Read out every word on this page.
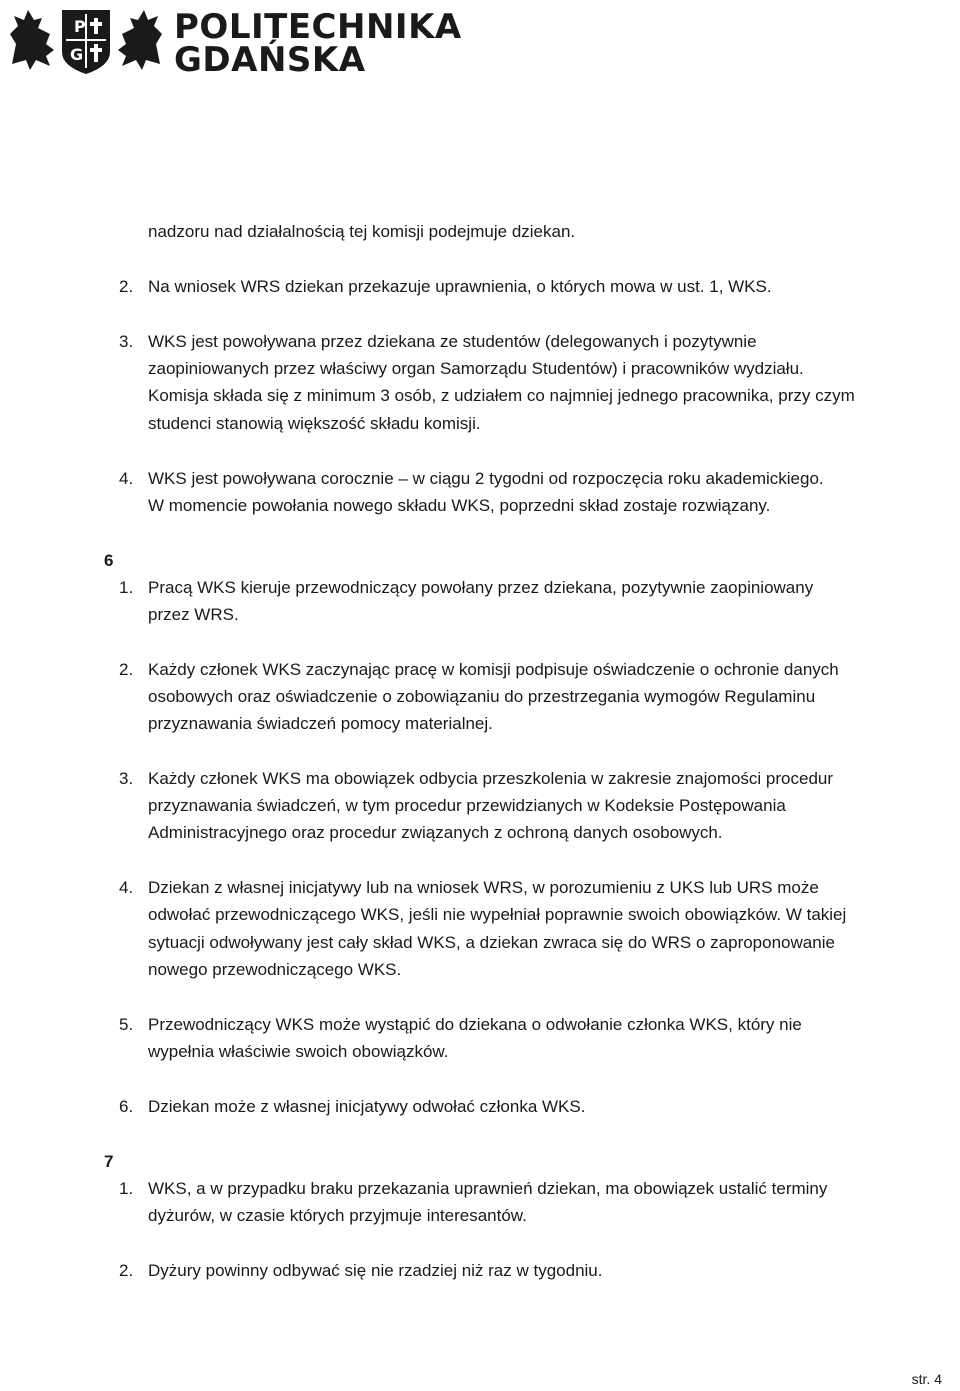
P
G
POLITECHNIKA
GDAŃSKA
nadzoru nad działalnością tej komisji podejmuje dziekan.
2. Na wniosek WRS dziekan przekazuje uprawnienia, o których mowa w ust. 1, WKS.
3. WKS jest powoływana przez dziekana ze studentów (delegowanych i pozytywnie
zaopiniowanych przez właściwy organ Samorządu Studentów) i pracowników wydziału.
Komisja składa się z minimum 3 osób, z udziałem co najmniej jednego pracownika, przy czym
studenci stanowią większość składu komisji.
4. WKS jest powoływana corocznie – w ciągu 2 tygodni od rozpoczęcia roku akademickiego.
W momencie powołania nowego składu WKS, poprzedni skład zostaje rozwiązany.
6
1. Pracą WKS kieruje przewodniczący powołany przez dziekana, pozytywnie zaopiniowany
przez WRS.
2. Każdy członek WKS zaczynając pracę w komisji podpisuje oświadczenie o ochronie danych
osobowych oraz oświadczenie o zobowiązaniu do przestrzegania wymogów Regulaminu
przyznawania świadczeń pomocy materialnej.
3. Każdy członek WKS ma obowiązek odbycia przeszkolenia w zakresie znajomości procedur
przyznawania świadczeń, w tym procedur przewidzianych w Kodeksie Postępowania
Administracyjnego oraz procedur związanych z ochroną danych osobowych.
4. Dziekan z własnej inicjatywy lub na wniosek WRS, w porozumieniu z UKS lub URS może
odwołać przewodniczącego WKS, jeśli nie wypełniał poprawnie swoich obowiązków. W takiej
sytuacji odwoływany jest cały skład WKS, a dziekan zwraca się do WRS o zaproponowanie
nowego przewodniczącego WKS.
5. Przewodniczący WKS może wystąpić do dziekana o odwołanie członka WKS, który nie
wypełnia właściwie swoich obowiązków.
6. Dziekan może z własnej inicjatywy odwołać członka WKS.
7
1. WKS, a w przypadku braku przekazania uprawnień dziekan, ma obowiązek ustalić terminy
dyżurów, w czasie których przyjmuje interesantów.
2. Dyżury powinny odbywać się nie rzadziej niż raz w tygodniu.
str. 4
